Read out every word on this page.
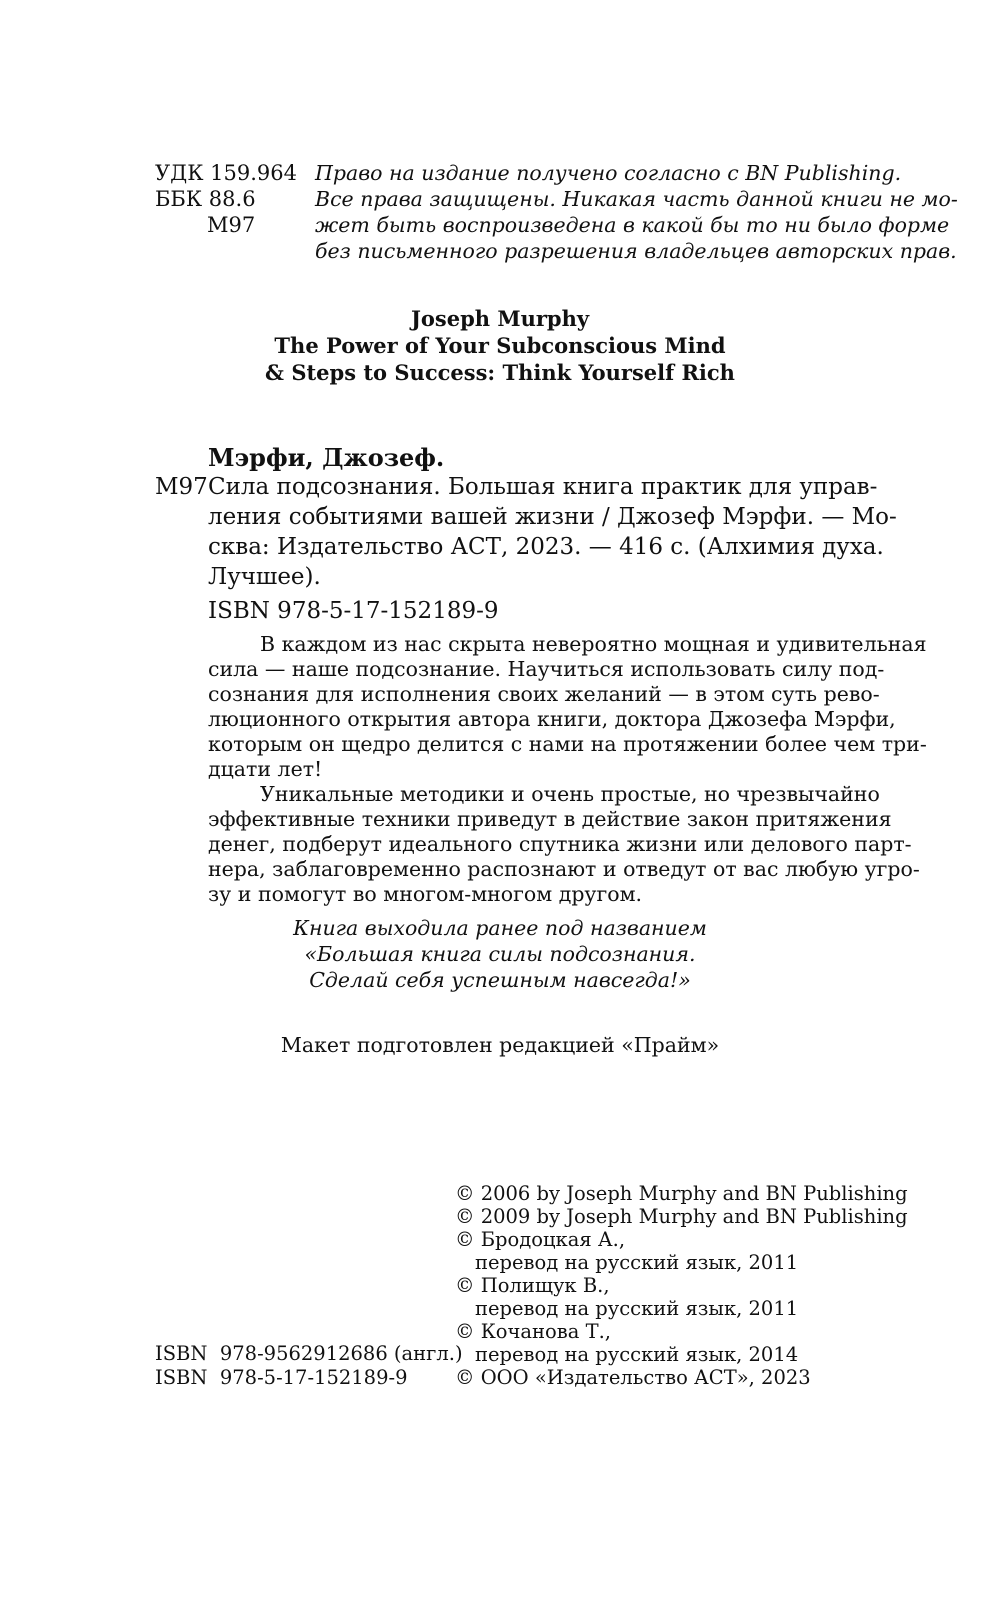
УДК 159.964
ББК 88.6
М97
Право на издание получено согласно с BN Publishing.
Все права защищены. Никакая часть данной книги не мо-
жет быть воспроизведена в какой бы то ни было форме
без письменного разрешения владельцев авторских прав.
Joseph Murphy
The Power of Your Subconscious Mind
& Steps to Success: Think Yourself Rich
Мэрфи, Джозеф.
М97 Сила подсознания. Большая книга практик для управ-
ления событиями вашей жизни / Джозеф Мэрфи. — Мо-
сква: Издательство АСТ, 2023. — 416 с. (Алхимия духа.
Лучшее).
ISBN 978-5-17-152189-9
В каждом из нас скрыта невероятно мощная и удивительная
сила — наше подсознание. Научиться использовать силу под-
сознания для исполнения своих желаний — в этом суть рево-
люционного открытия автора книги, доктора Джозефа Мэрфи,
которым он щедро делится с нами на протяжении более чем три-
дцати лет!
Уникальные методики и очень простые, но чрезвычайно
эффективные техники приведут в действие закон притяжения
денег, подберут идеального спутника жизни или делового парт-
нера, заблаговременно распознают и отведут от вас любую угро-
зу и помогут во многом-многом другом.
Книга выходила ранее под названием
«Большая книга силы подсознания.
Сделай себя успешным навсегда!»
Макет подготовлен редакцией «Прайм»
© 2006 by Joseph Murphy and BN Publishing
© 2009 by Joseph Murphy and BN Publishing
© Бродоцкая А.,
перевод на русский язык, 2011
© Полищук В.,
перевод на русский язык, 2011
© Кочанова Т.,
перевод на русский язык, 2014
© ООО «Издательство АСТ», 2023
ISBN  978-9562912686 (англ.)
ISBN  978-5-17-152189-9
